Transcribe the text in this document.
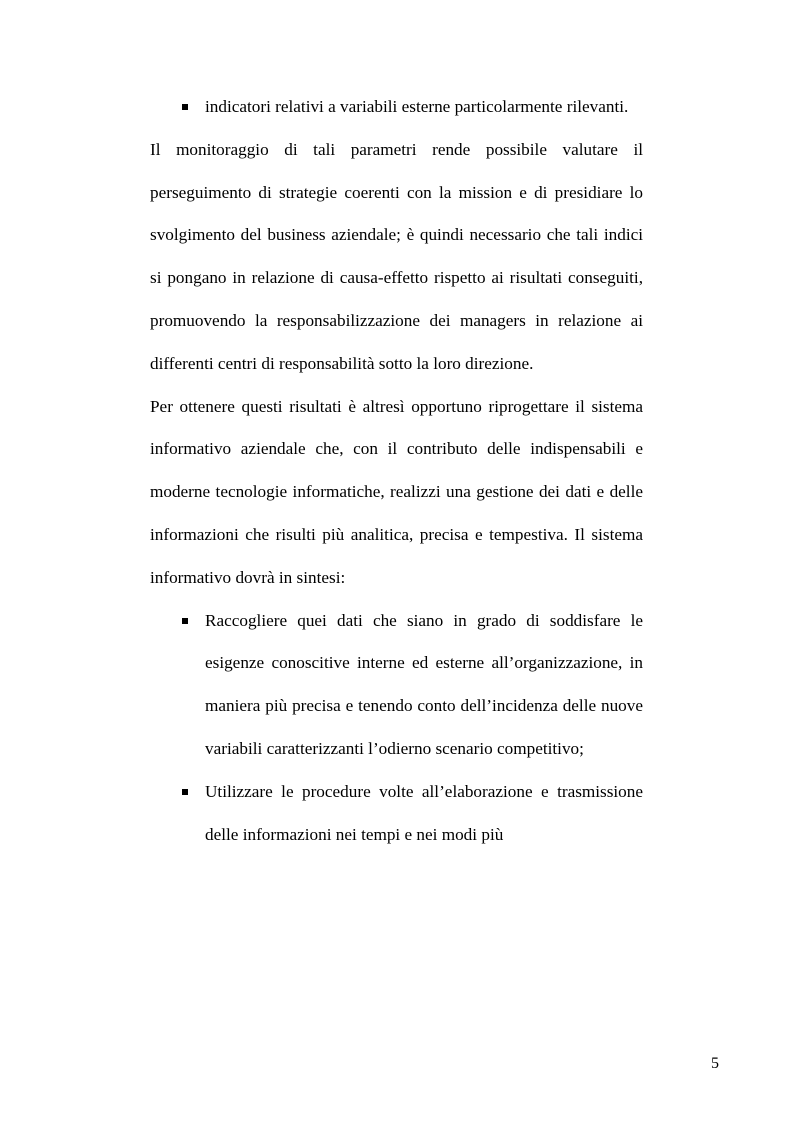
indicatori relativi a variabili esterne particolarmente rilevanti.

Il monitoraggio di tali parametri rende possibile valutare il perseguimento di strategie coerenti con la mission e di presidiare lo svolgimento del business aziendale; è quindi necessario che tali indici si pongano in relazione di causa-effetto rispetto ai risultati conseguiti, promuovendo la responsabilizzazione dei managers in relazione ai differenti centri di responsabilità sotto la loro direzione.

Per ottenere questi risultati è altresì opportuno riprogettare il sistema informativo aziendale che, con il contributo delle indispensabili e moderne tecnologie informatiche, realizzi una gestione dei dati e delle informazioni che risulti più analitica, precisa e tempestiva. Il sistema informativo dovrà in sintesi:

Raccogliere quei dati che siano in grado di soddisfare le esigenze conoscitive interne ed esterne all’organizzazione, in maniera più precisa e tenendo conto dell’incidenza delle nuove variabili caratterizzanti l’odierno scenario competitivo;
Utilizzare le procedure volte all’elaborazione e trasmissione delle informazioni nei tempi e nei modi più
5
